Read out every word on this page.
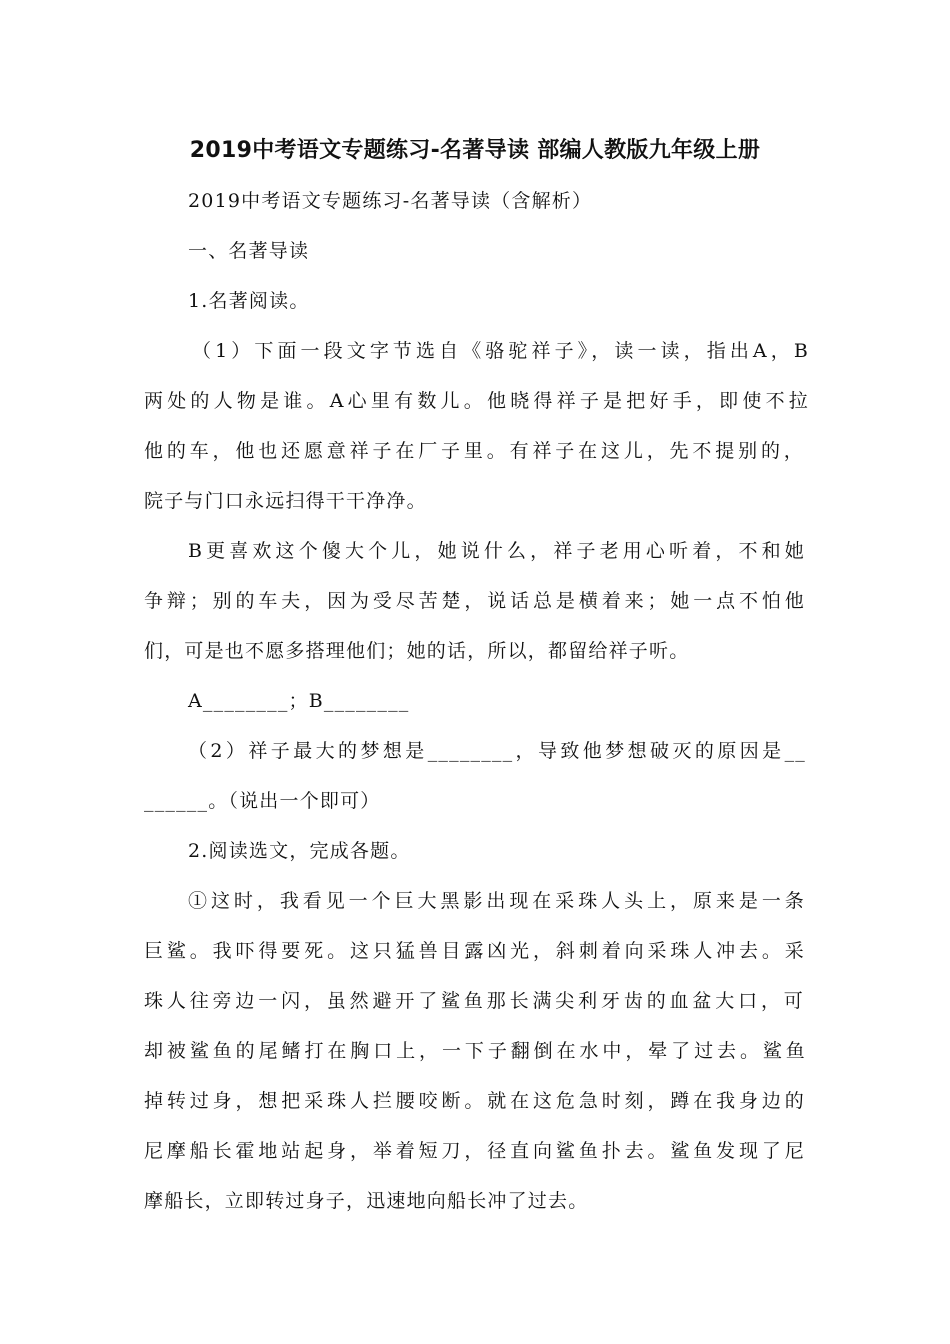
2019中考语文专题练习-名著导读 部编人教版九年级上册
2019中考语文专题练习-名著导读（含解析）
一、名著导读
1.名著阅读。
（1）下面一段文字节选自《骆驼祥子》，读一读，指出A，B
两处的人物是谁。A心里有数儿。他晓得祥子是把好手，即使不拉
他的车，他也还愿意祥子在厂子里。有祥子在这儿，先不提别的，
院子与门口永远扫得干干净净。
B更喜欢这个傻大个儿，她说什么，祥子老用心听着，不和她
争辩；别的车夫，因为受尽苦楚，说话总是横着来；她一点不怕他
们，可是也不愿多搭理他们；她的话，所以，都留给祥子听。
A________；B________
（2）祥子最大的梦想是________，导致他梦想破灭的原因是__
______。（说出一个即可）
2.阅读选文，完成各题。
①这时，我看见一个巨大黑影出现在采珠人头上，原来是一条
巨鲨。我吓得要死。这只猛兽目露凶光，斜刺着向采珠人冲去。采
珠人往旁边一闪，虽然避开了鲨鱼那长满尖利牙齿的血盆大口，可
却被鲨鱼的尾鳍打在胸口上，一下子翻倒在水中，晕了过去。鲨鱼
掉转过身，想把采珠人拦腰咬断。就在这危急时刻，蹲在我身边的
尼摩船长霍地站起身，举着短刀，径直向鲨鱼扑去。鲨鱼发现了尼
摩船长，立即转过身子，迅速地向船长冲了过去。
